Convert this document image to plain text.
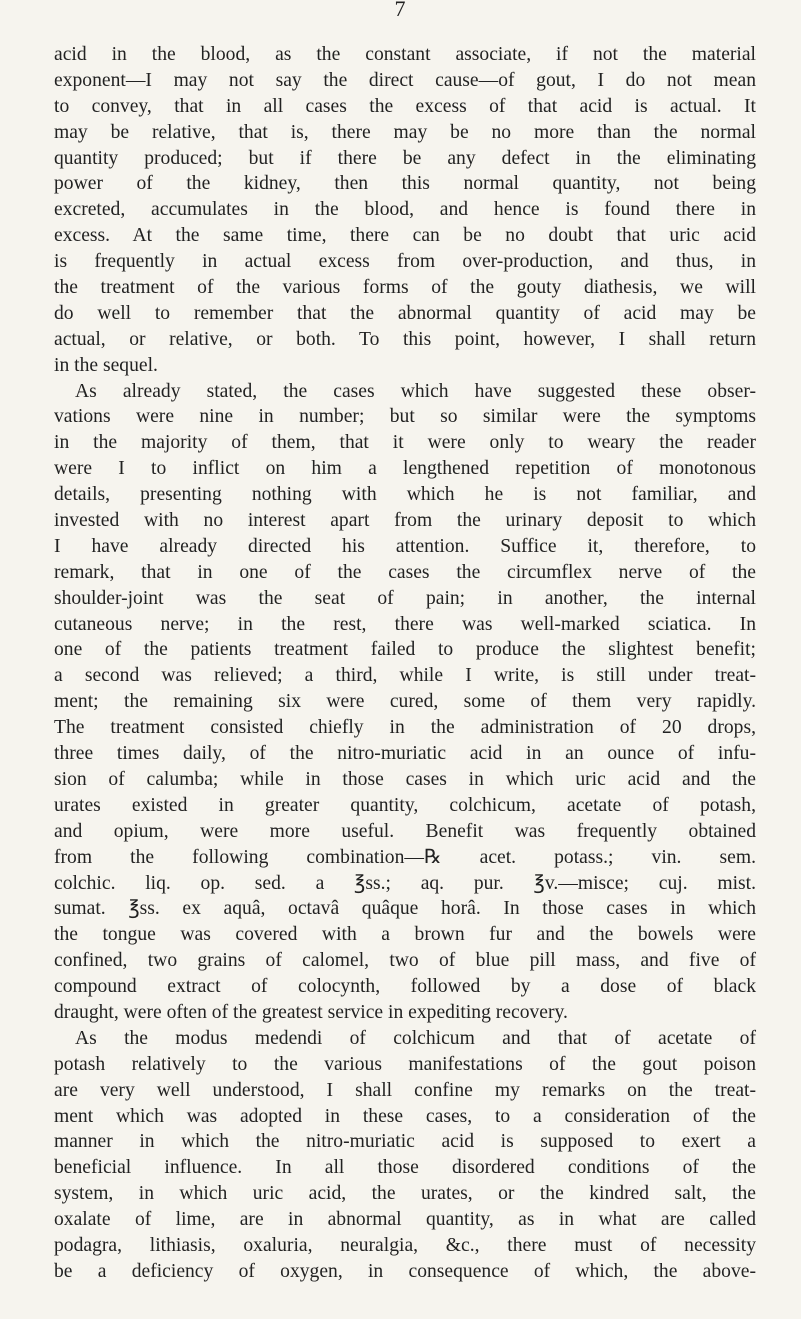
7
acid in the blood, as the constant associate, if not the material
exponent—I may not say the direct cause—of gout, I do not mean
to convey, that in all cases the excess of that acid is actual. It
may be relative, that is, there may be no more than the normal
quantity produced; but if there be any defect in the eliminating
power of the kidney, then this normal quantity, not being
excreted, accumulates in the blood, and hence is found there in
excess. At the same time, there can be no doubt that uric acid
is frequently in actual excess from over-production, and thus, in
the treatment of the various forms of the gouty diathesis, we will
do well to remember that the abnormal quantity of acid may be
actual, or relative, or both. To this point, however, I shall return
in the sequel.
As already stated, the cases which have suggested these obser-
vations were nine in number; but so similar were the symptoms
in the majority of them, that it were only to weary the reader
were I to inflict on him a lengthened repetition of monotonous
details, presenting nothing with which he is not familiar, and
invested with no interest apart from the urinary deposit to which
I have already directed his attention. Suffice it, therefore, to
remark, that in one of the cases the circumflex nerve of the
shoulder-joint was the seat of pain; in another, the internal
cutaneous nerve; in the rest, there was well-marked sciatica. In
one of the patients treatment failed to produce the slightest benefit;
a second was relieved; a third, while I write, is still under treat-
ment; the remaining six were cured, some of them very rapidly.
The treatment consisted chiefly in the administration of 20 drops,
three times daily, of the nitro-muriatic acid in an ounce of infu-
sion of calumba; while in those cases in which uric acid and the
urates existed in greater quantity, colchicum, acetate of potash,
and opium, were more useful. Benefit was frequently obtained
from the following combination—℞ acet. potass.; vin. sem.
colchic. liq. op. sed. a ℥ss.; aq. pur. ℥v.—misce; cuj. mist.
sumat. ℥ss. ex aquâ, octavâ quâque horâ. In those cases in which
the tongue was covered with a brown fur and the bowels were
confined, two grains of calomel, two of blue pill mass, and five of
compound extract of colocynth, followed by a dose of black
draught, were often of the greatest service in expediting recovery.
As the modus medendi of colchicum and that of acetate of
potash relatively to the various manifestations of the gout poison
are very well understood, I shall confine my remarks on the treat-
ment which was adopted in these cases, to a consideration of the
manner in which the nitro-muriatic acid is supposed to exert a
beneficial influence. In all those disordered conditions of the
system, in which uric acid, the urates, or the kindred salt, the
oxalate of lime, are in abnormal quantity, as in what are called
podagra, lithiasis, oxaluria, neuralgia, &c., there must of necessity
be a deficiency of oxygen, in consequence of which, the above-
